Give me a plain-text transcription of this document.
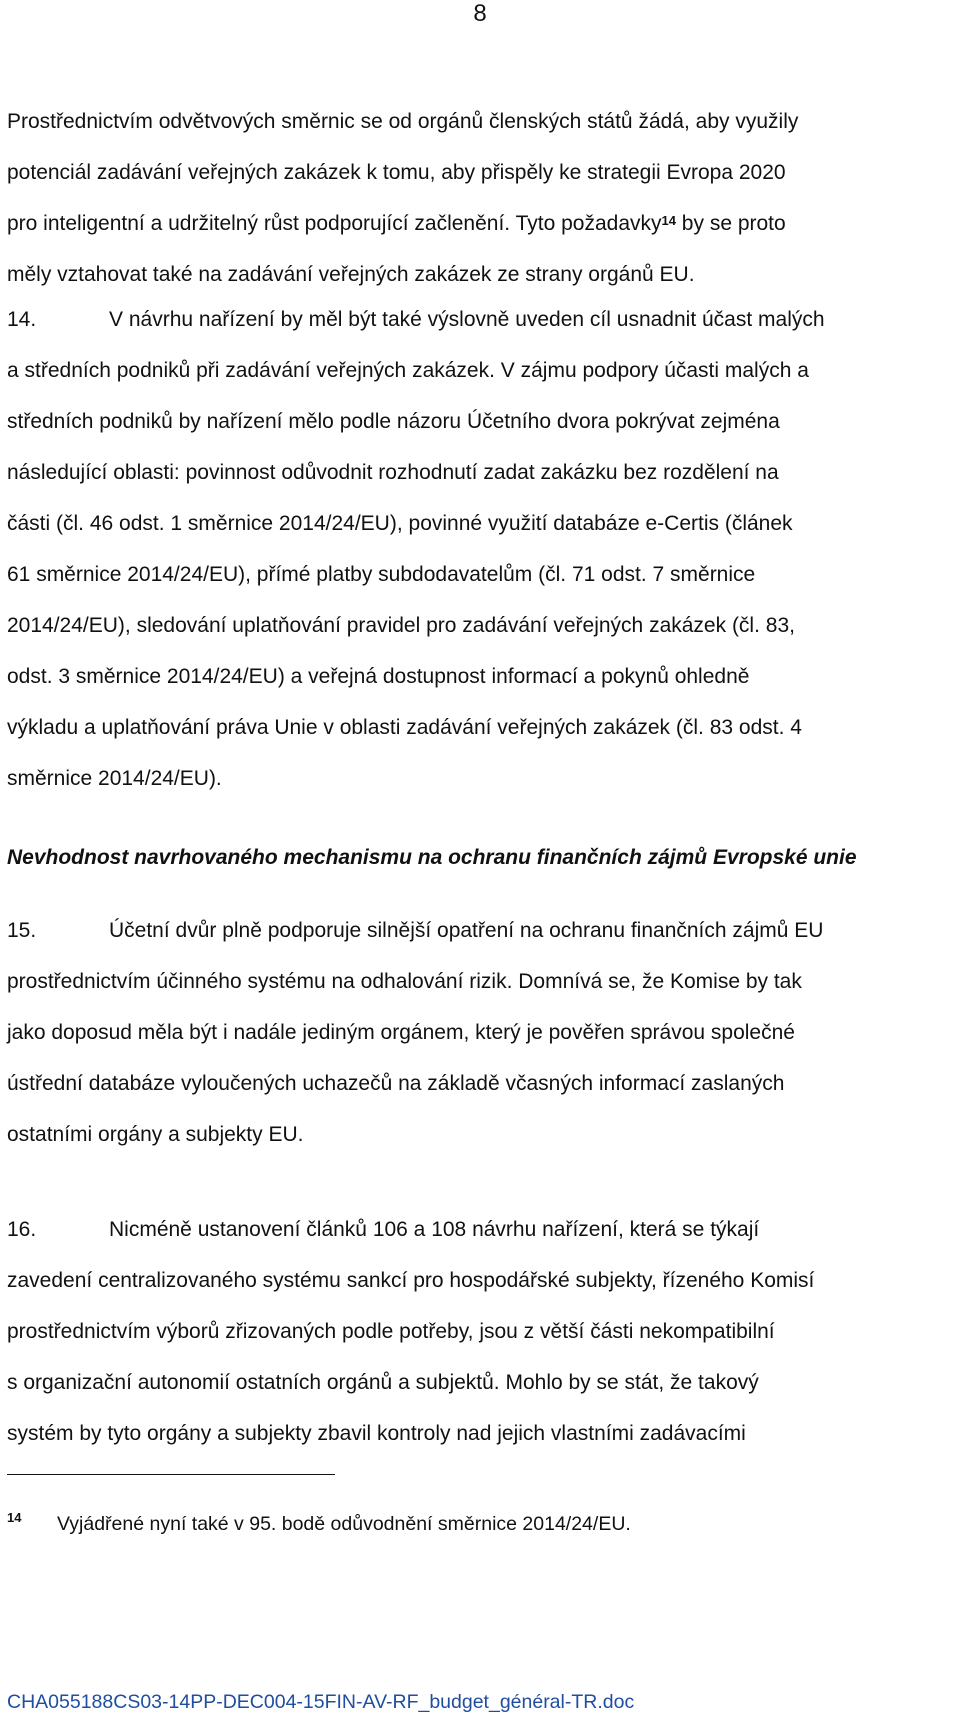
8
Prostřednictvím odvětvových směrnic se od orgánů členských států žádá, aby využily
potenciál zadávání veřejných zakázek k tomu, aby přispěly ke strategii Evropa 2020
pro inteligentní a udržitelný růst podporující začlenění. Tyto požadavky$^{14}$ by se proto
měly vztahovat také na zadávání veřejných zakázek ze strany orgánů EU.
14.	V návrhu nařízení by měl být také výslovně uveden cíl usnadnit účast malých
a středních podniků při zadávání veřejných zakázek. V zájmu podpory účasti malých a
středních podniků by nařízení mělo podle názoru Účetního dvora pokrývat zejména
následující oblasti: povinnost odůvodnit rozhodnutí zadat zakázku bez rozdělení na
části (čl. 46 odst. 1 směrnice 2014/24/EU), povinné využití databáze e-Certis (článek
61 směrnice 2014/24/EU), přímé platby subdodavatelům (čl. 71 odst. 7 směrnice
2014/24/EU), sledování uplatňování pravidel pro zadávání veřejných zakázek (čl. 83,
odst. 3 směrnice 2014/24/EU) a veřejná dostupnost informací a pokynů ohledně
výkladu a uplatňování práva Unie v oblasti zadávání veřejných zakázek (čl. 83 odst. 4
směrnice 2014/24/EU).
Nevhodnost navrhovaného mechanismu na ochranu finančních zájmů Evropské unie
15.	Účetní dvůr plně podporuje silnější opatření na ochranu finančních zájmů EU
prostřednictvím účinného systému na odhalování rizik. Domnívá se, že Komise by tak
jako doposud měla být i nadále jediným orgánem, který je pověřen správou společné
ústřední databáze vyloučených uchazečů na základě včasných informací zaslaných
ostatními orgány a subjekty EU.
16.	Nicméně ustanovení článků 106 a 108 návrhu nařízení, která se týkají
zavedení centralizovaného systému sankcí pro hospodářské subjekty, řízeného Komisí
prostřednictvím výborů zřizovaných podle potřeby, jsou z větší části nekompatibilní
s organizační autonomií ostatních orgánů a subjektů. Mohlo by se stát, že takový
systém by tyto orgány a subjekty zbavil kontroly nad jejich vlastními zadávacími
14 Vyjádřené nyní také v 95. bodě odůvodnění směrnice 2014/24/EU.
CHA055188CS03-14PP-DEC004-15FIN-AV-RF_budget_général-TR.doc
